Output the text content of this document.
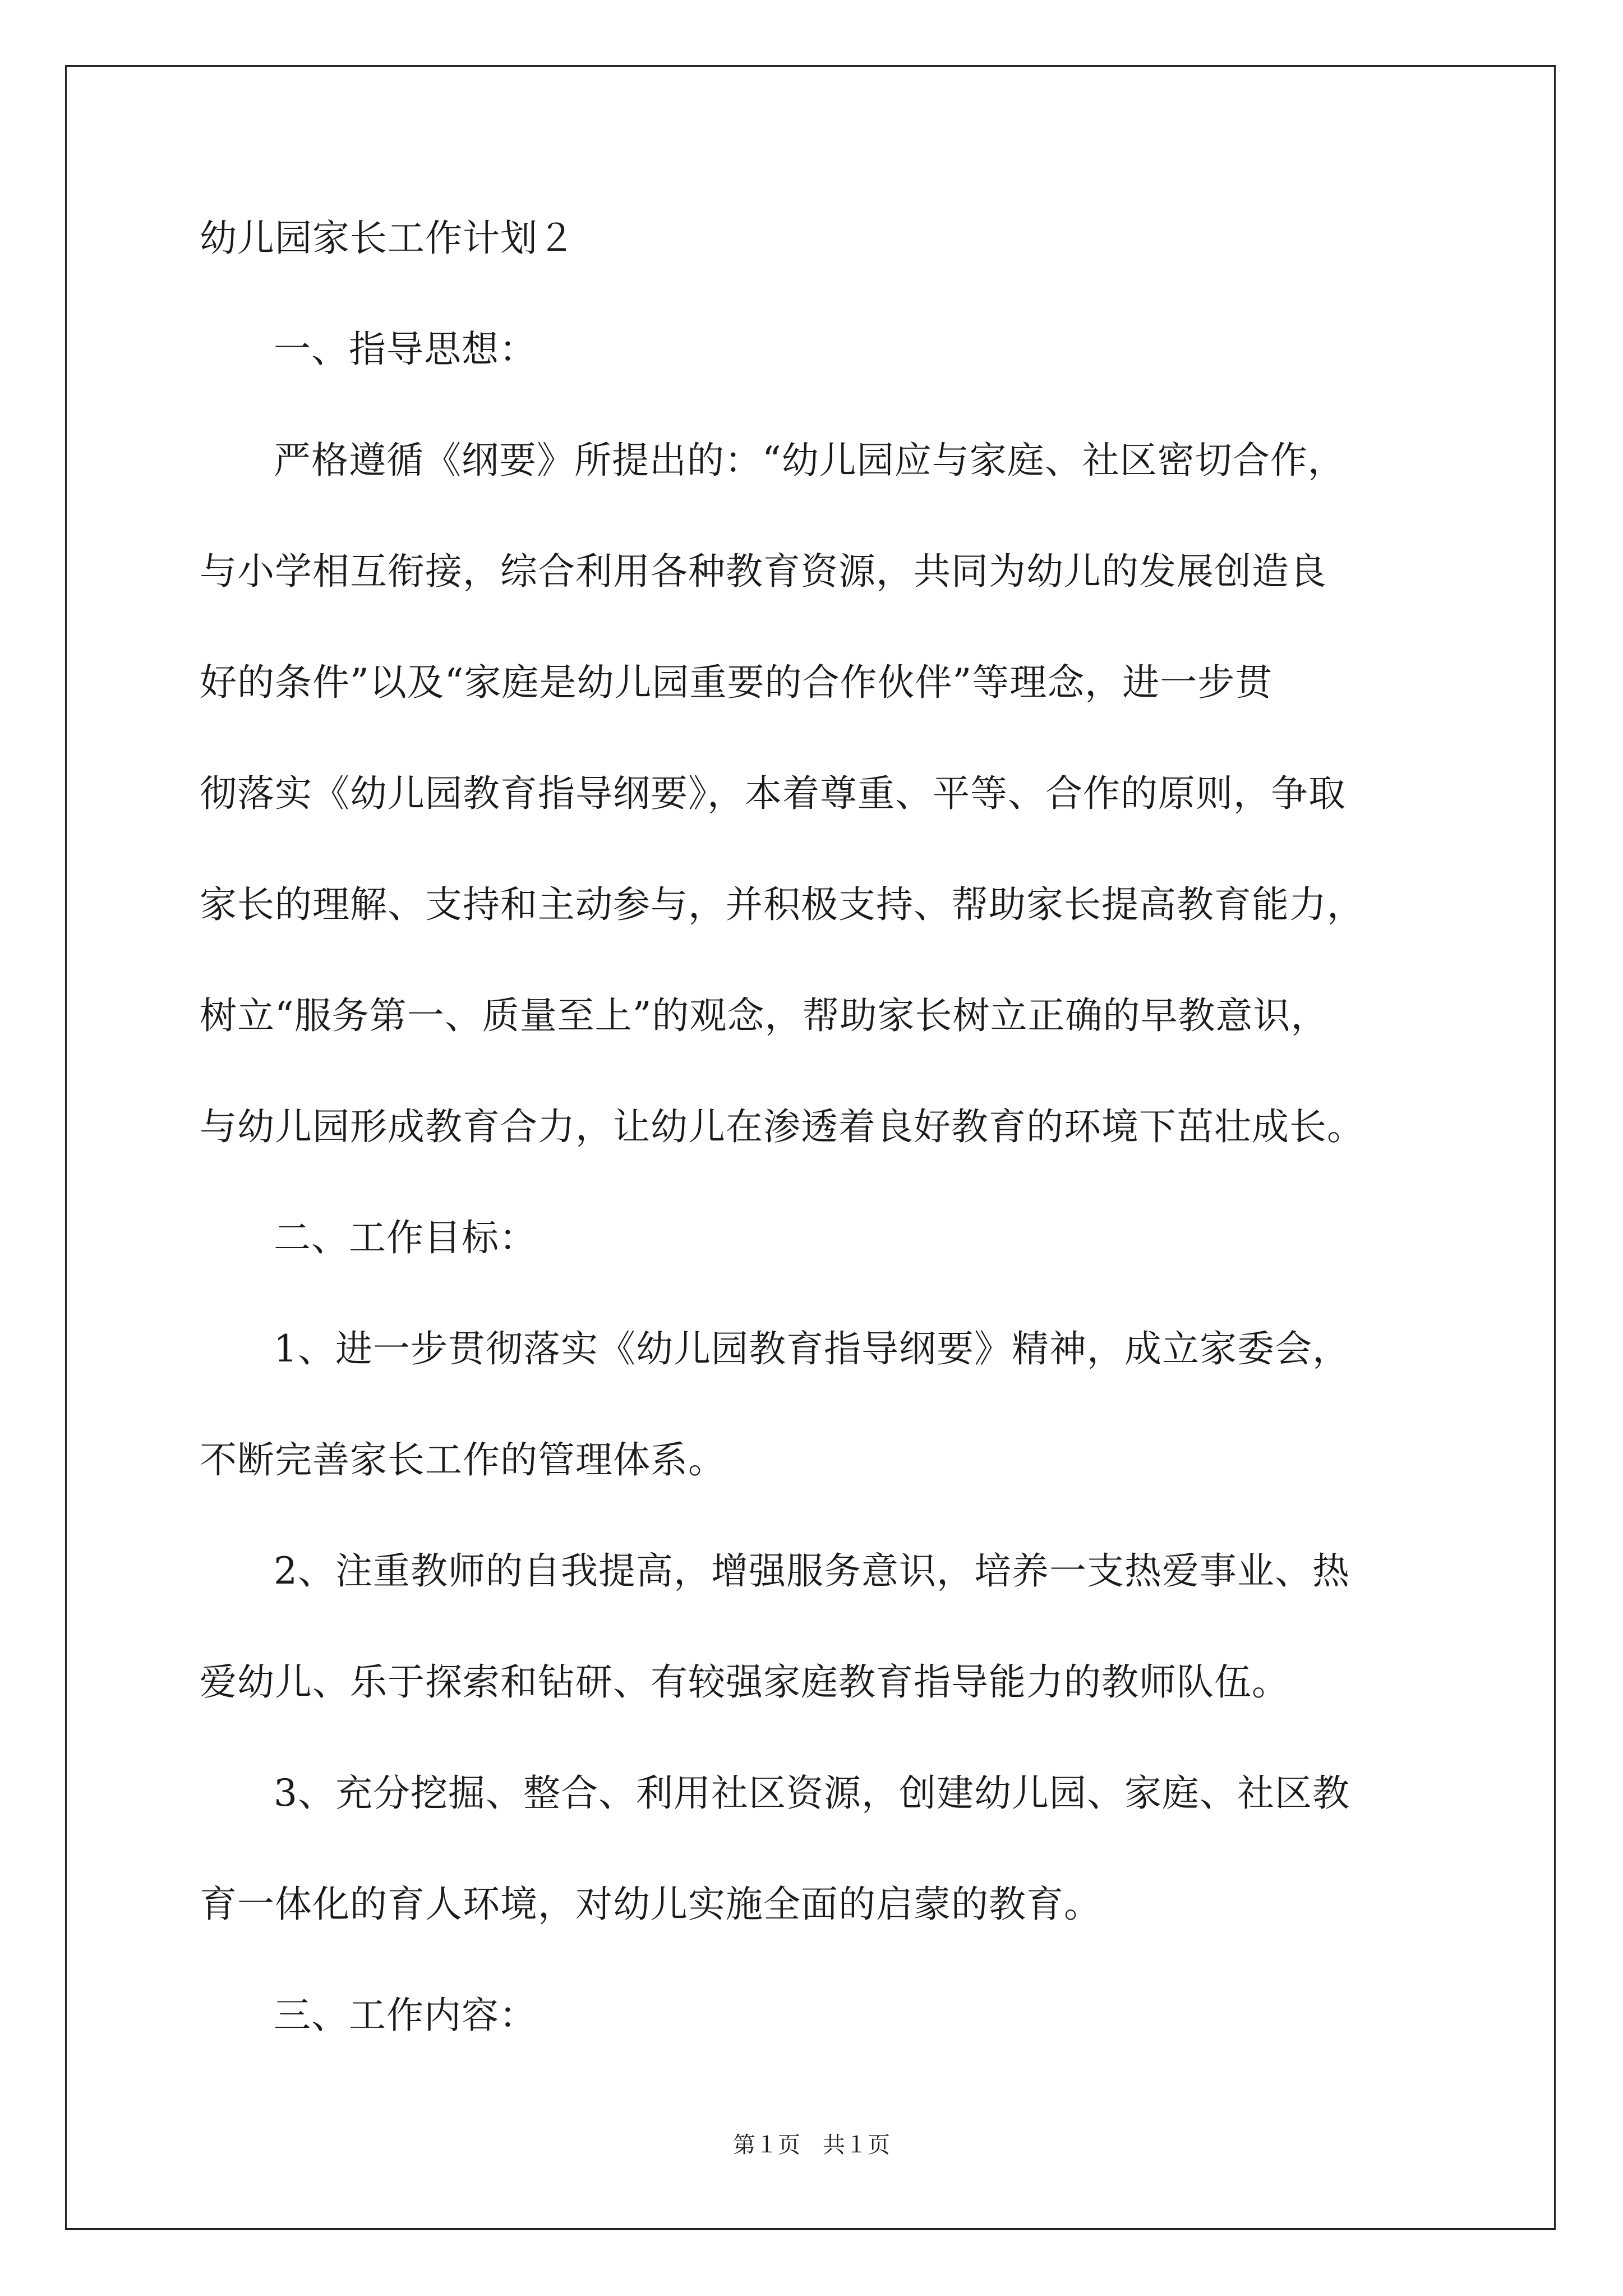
幼儿园家长工作计划２
一、指导思想：
严格遵循《纲要》所提出的：“幼儿园应与家庭、社区密切合作，
与小学相互衔接，综合利用各种教育资源，共同为幼儿的发展创造良
好的条件”以及“家庭是幼儿园重要的合作伙伴”等理念，进一步贯
彻落实《幼儿园教育指导纲要》，本着尊重、平等、合作的原则，争取
家长的理解、支持和主动参与，并积极支持、帮助家长提高教育能力，
树立“服务第一、质量至上”的观念，帮助家长树立正确的早教意识，
与幼儿园形成教育合力，让幼儿在渗透着良好教育的环境下茁壮成长。
二、工作目标：
1、进一步贯彻落实《幼儿园教育指导纲要》精神，成立家委会，
不断完善家长工作的管理体系。
2、注重教师的自我提高，增强服务意识，培养一支热爱事业、热
爱幼儿、乐于探索和钻研、有较强家庭教育指导能力的教师队伍。
3、充分挖掘、整合、利用社区资源，创建幼儿园、家庭、社区教
育一体化的育人环境，对幼儿实施全面的启蒙的教育。
三、工作内容：
第１页　共１页
